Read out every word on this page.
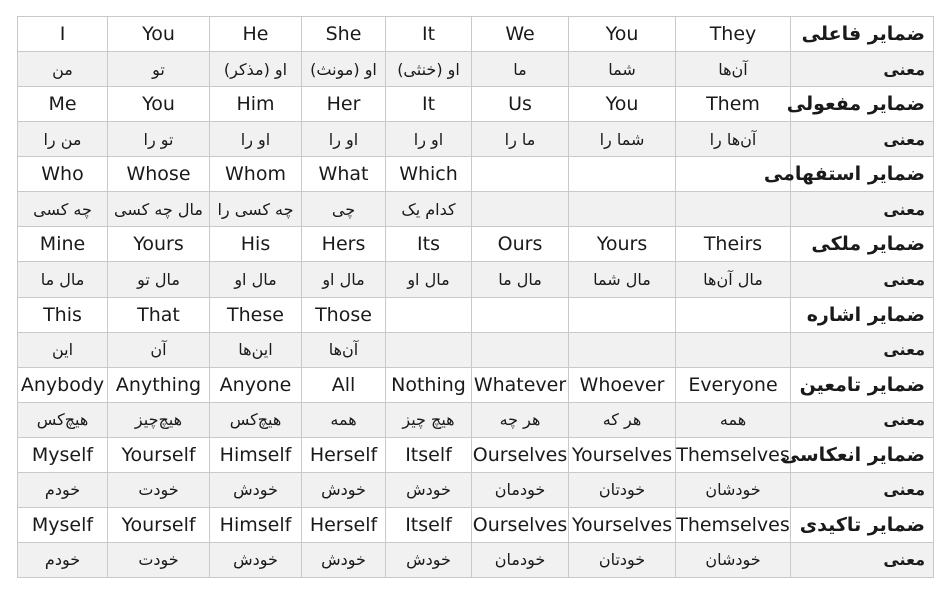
I	You	He	She	It	We	You	They	ضمایر فاعلی
من	تو	او (مذکر)	او (مونث)	او (خنثی)	ما	شما	آن‌ها	معنی
Me	You	Him	Her	It	Us	You	Them	ضمایر مفعولی
من را	تو را	او را	او را	او را	ما را	شما را	آن‌ها را	معنی
Who	Whose	Whom	What	Which				ضمایر استفهامی
چه کسی	مال چه کسی	چه کسی را	چی	کدام یک				معنی
Mine	Yours	His	Hers	Its	Ours	Yours	Theirs	ضمایر ملکی
مال ما	مال تو	مال او	مال او	مال او	مال ما	مال شما	مال آن‌ها	معنی
This	That	These	Those					ضمایر اشاره
این	آن	این‌ها	آن‌ها					معنی
Anybody	Anything	Anyone	All	Nothing	Whatever	Whoever	Everyone	ضمایر تامعین
هیچ‌کس	هیچ‌چیز	هیچ‌کس	همه	هیچ چیز	هر چه	هر که	همه	معنی
Myself	Yourself	Himself	Herself	Itself	Ourselves	Yourselves	Themselves	ضمایر انعکاسی
خودم	خودت	خودش	خودش	خودش	خودمان	خودتان	خودشان	معنی
Myself	Yourself	Himself	Herself	Itself	Ourselves	Yourselves	Themselves	ضمایر تاکیدی
خودم	خودت	خودش	خودش	خودش	خودمان	خودتان	خودشان	معنی
